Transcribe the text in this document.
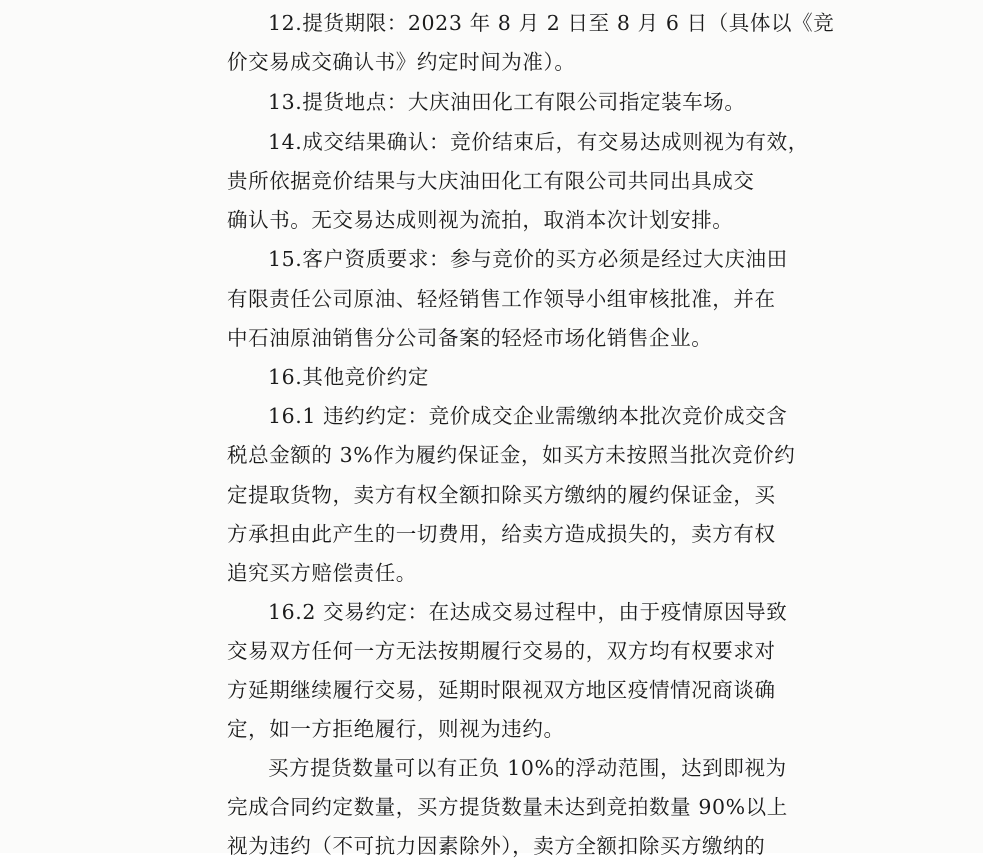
12.提货期限：2023 年 8 月 2 日至 8 月 6 日（具体以《竞
价交易成交确认书》约定时间为准）。
13.提货地点：大庆油田化工有限公司指定装车场。
14.成交结果确认：竞价结束后，有交易达成则视为有效，
贵所依据竞价结果与大庆油田化工有限公司共同出具成交
确认书。无交易达成则视为流拍，取消本次计划安排。
15.客户资质要求：参与竞价的买方必须是经过大庆油田
有限责任公司原油、轻烃销售工作领导小组审核批准，并在
中石油原油销售分公司备案的轻烃市场化销售企业。
16.其他竞价约定
16.1 违约约定：竞价成交企业需缴纳本批次竞价成交含
税总金额的 3%作为履约保证金，如买方未按照当批次竞价约
定提取货物，卖方有权全额扣除买方缴纳的履约保证金，买
方承担由此产生的一切费用，给卖方造成损失的，卖方有权
追究买方赔偿责任。
16.2 交易约定：在达成交易过程中，由于疫情原因导致
交易双方任何一方无法按期履行交易的，双方均有权要求对
方延期继续履行交易，延期时限视双方地区疫情情况商谈确
定，如一方拒绝履行，则视为违约。
买方提货数量可以有正负 10%的浮动范围，达到即视为
完成合同约定数量，买方提货数量未达到竞拍数量 90%以上
视为违约（不可抗力因素除外），卖方全额扣除买方缴纳的
